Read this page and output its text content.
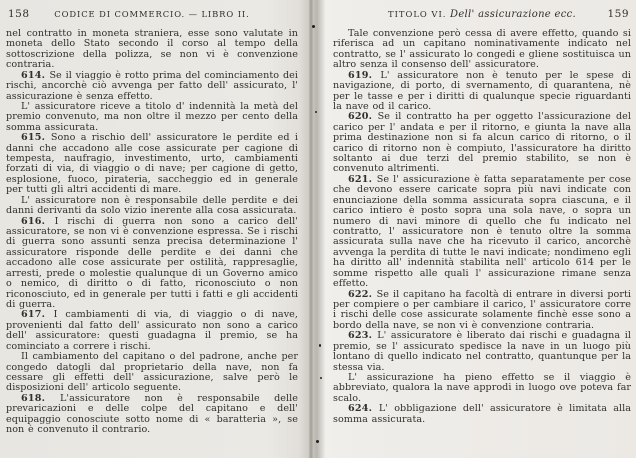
158	CODICE DI COMMERCIO. — LIBRO II.

nel contratto in moneta straniera, esse sono valutate in moneta dello Stato secondo il corso al tempo della sottoscrizione della polizza, se non vi è convenzione contraria.

614. Se il viaggio è rotto prima del cominciamento dei rischi, ancorchè ciò avvenga per fatto dell' assicurato, l' assicurazione è senza effetto.

L' assicuratore riceve a titolo d' indennità la metà del premio convenuto, ma non oltre il mezzo per cento della somma assicurata.

615. Sono a rischio dell' assicuratore le perdite ed i danni che accadono alle cose assicurate per cagione di tempesta, naufragio, investimento, urto, cambiamenti forzati di via, di viaggio o di nave; per cagione di getto, esplosione, fuoco, pirateria, saccheggio ed in generale per tutti gli altri accidenti di mare.

L' assicuratore non è responsabile delle perdite e dei danni derivanti da solo vizio inerente alla cosa assicurata.

616. I rischi di guerra non sono a carico dell' assicuratore, se non vi è convenzione espressa. Se i rischi di guerra sono assunti senza precisa determinazione l' assicuratore risponde delle perdite e dei danni che accadono alle cose assicurate per ostilità, rappresaglie, arresti, prede o molestie qualunque di un Governo amico o nemico, di diritto o di fatto, riconosciuto o non riconosciuto, ed in generale per tutti i fatti e gli accidenti di guerra.

617. I cambiamenti di via, di viaggio o di nave, provenienti dal fatto dell' assicurato non sono a carico dell' assicuratore: questi guadagna il premio, se ha cominciato a correre i rischi.

Il cambiamento del capitano o del padrone, anche per congedo datogli dal proprietario della nave, non fa cessare gli effetti dell' assicurazione, salve però le disposizioni dell' articolo seguente.

618. L'assicuratore non è responsabile delle prevaricazioni e delle colpe del capitano e dell' equipaggio conosciute sotto nome di « baratteria », se non è convenuto il contrario.

TITOLO VI. Dell' assicurazione ecc.	159

Tale convenzione però cessa di avere effetto, quando si riferisca ad un capitano nominativamente indicato nel contratto, se l' assicurato lo congedi e gliene sostituisca un altro senza il consenso dell' assicuratore.

619. L' assicuratore non è tenuto per le spese di navigazione, di porto, di svernamento, di quarantena, nè per le tasse e per i diritti di qualunque specie riguardanti la nave od il carico.

620. Se il contratto ha per oggetto l'assicurazione del carico per l' andata e per il ritorno, e giunta la nave alla prima destinazione non si fa alcun carico di ritorno, o il carico di ritorno non è compiuto, l'assicuratore ha diritto soltanto ai due terzi del premio stabilito, se non è convenuto altrimenti.

621. Se l' assicurazione è fatta separatamente per cose che devono essere caricate sopra più navi indicate con enunciazione della somma assicurata sopra ciascuna, e il carico intiero è posto sopra una sola nave, o sopra un numero di navi minore di quello che fu indicato nel contratto, l' assicuratore non è tenuto oltre la somma assicurata sulla nave che ha ricevuto il carico, ancorchè avvenga la perdita di tutte le navi indicate; nondimeno egli ha diritto all' indennità stabilita nell' articolo 614 per le somme rispetto alle quali l' assicurazione rimane senza effetto.

622. Se il capitano ha facoltà di entrare in diversi porti per compiere o per cambiare il carico, l' assicuratore corre i rischi delle cose assicurate solamente finchè esse sono a bordo della nave, se non vi è convenzione contraria.

623. L' assicuratore è liberato dai rischi e guadagna il premio, se l' assicurato spedisce la nave in un luogo più lontano di quello indicato nel contratto, quantunque per la stessa via.

L' assicurazione ha pieno effetto se il viaggio è abbreviato, qualora la nave approdi in luogo ove poteva far scalo.

624. L' obbligazione dell' assicuratore è limitata alla somma assicurata.
